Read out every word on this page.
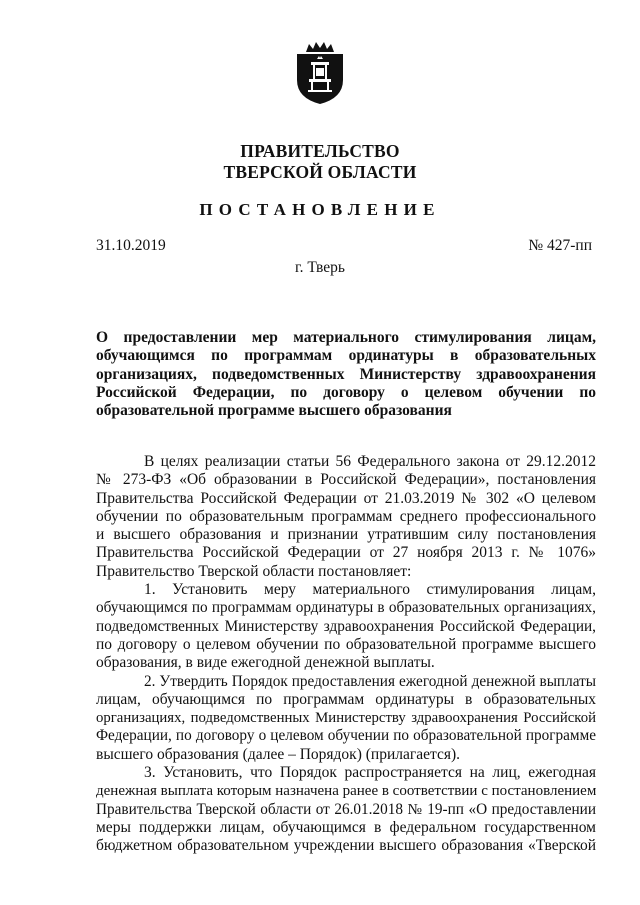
ПРАВИТЕЛЬСТВО
ТВЕРСКОЙ ОБЛАСТИ
ПОСТАНОВЛЕНИЕ
31.10.2019	№ 427-пп
г. Тверь
О предоставлении мер материального стимулирования лицам,
обучающимся по программам ординатуры в образовательных
организациях, подведомственных Министерству здравоохранения
Российской Федерации, по договору о целевом обучении по
образовательной программе высшего образования
В целях реализации статьи 56 Федерального закона от 29.12.2012
№ 273-ФЗ «Об образовании в Российской Федерации», постановления
Правительства Российской Федерации от 21.03.2019 № 302 «О целевом
обучении по образовательным программам среднего профессионального
и высшего образования и признании утратившим силу постановления
Правительства Российской Федерации от 27 ноября 2013 г. № 1076»
Правительство Тверской области постановляет:
1. Установить меру материального стимулирования лицам,
обучающимся по программам ординатуры в образовательных организациях,
подведомственных Министерству здравоохранения Российской Федерации,
по договору о целевом обучении по образовательной программе высшего
образования, в виде ежегодной денежной выплаты.
2. Утвердить Порядок предоставления ежегодной денежной выплаты
лицам, обучающимся по программам ординатуры в образовательных
организациях, подведомственных Министерству здравоохранения Российской
Федерации, по договору о целевом обучении по образовательной программе
высшего образования (далее – Порядок) (прилагается).
3. Установить, что Порядок распространяется на лиц, ежегодная
денежная выплата которым назначена ранее в соответствии с постановлением
Правительства Тверской области от 26.01.2018 № 19-пп «О предоставлении
меры поддержки лицам, обучающимся в федеральном государственном
бюджетном образовательном учреждении высшего образования «Тверской
